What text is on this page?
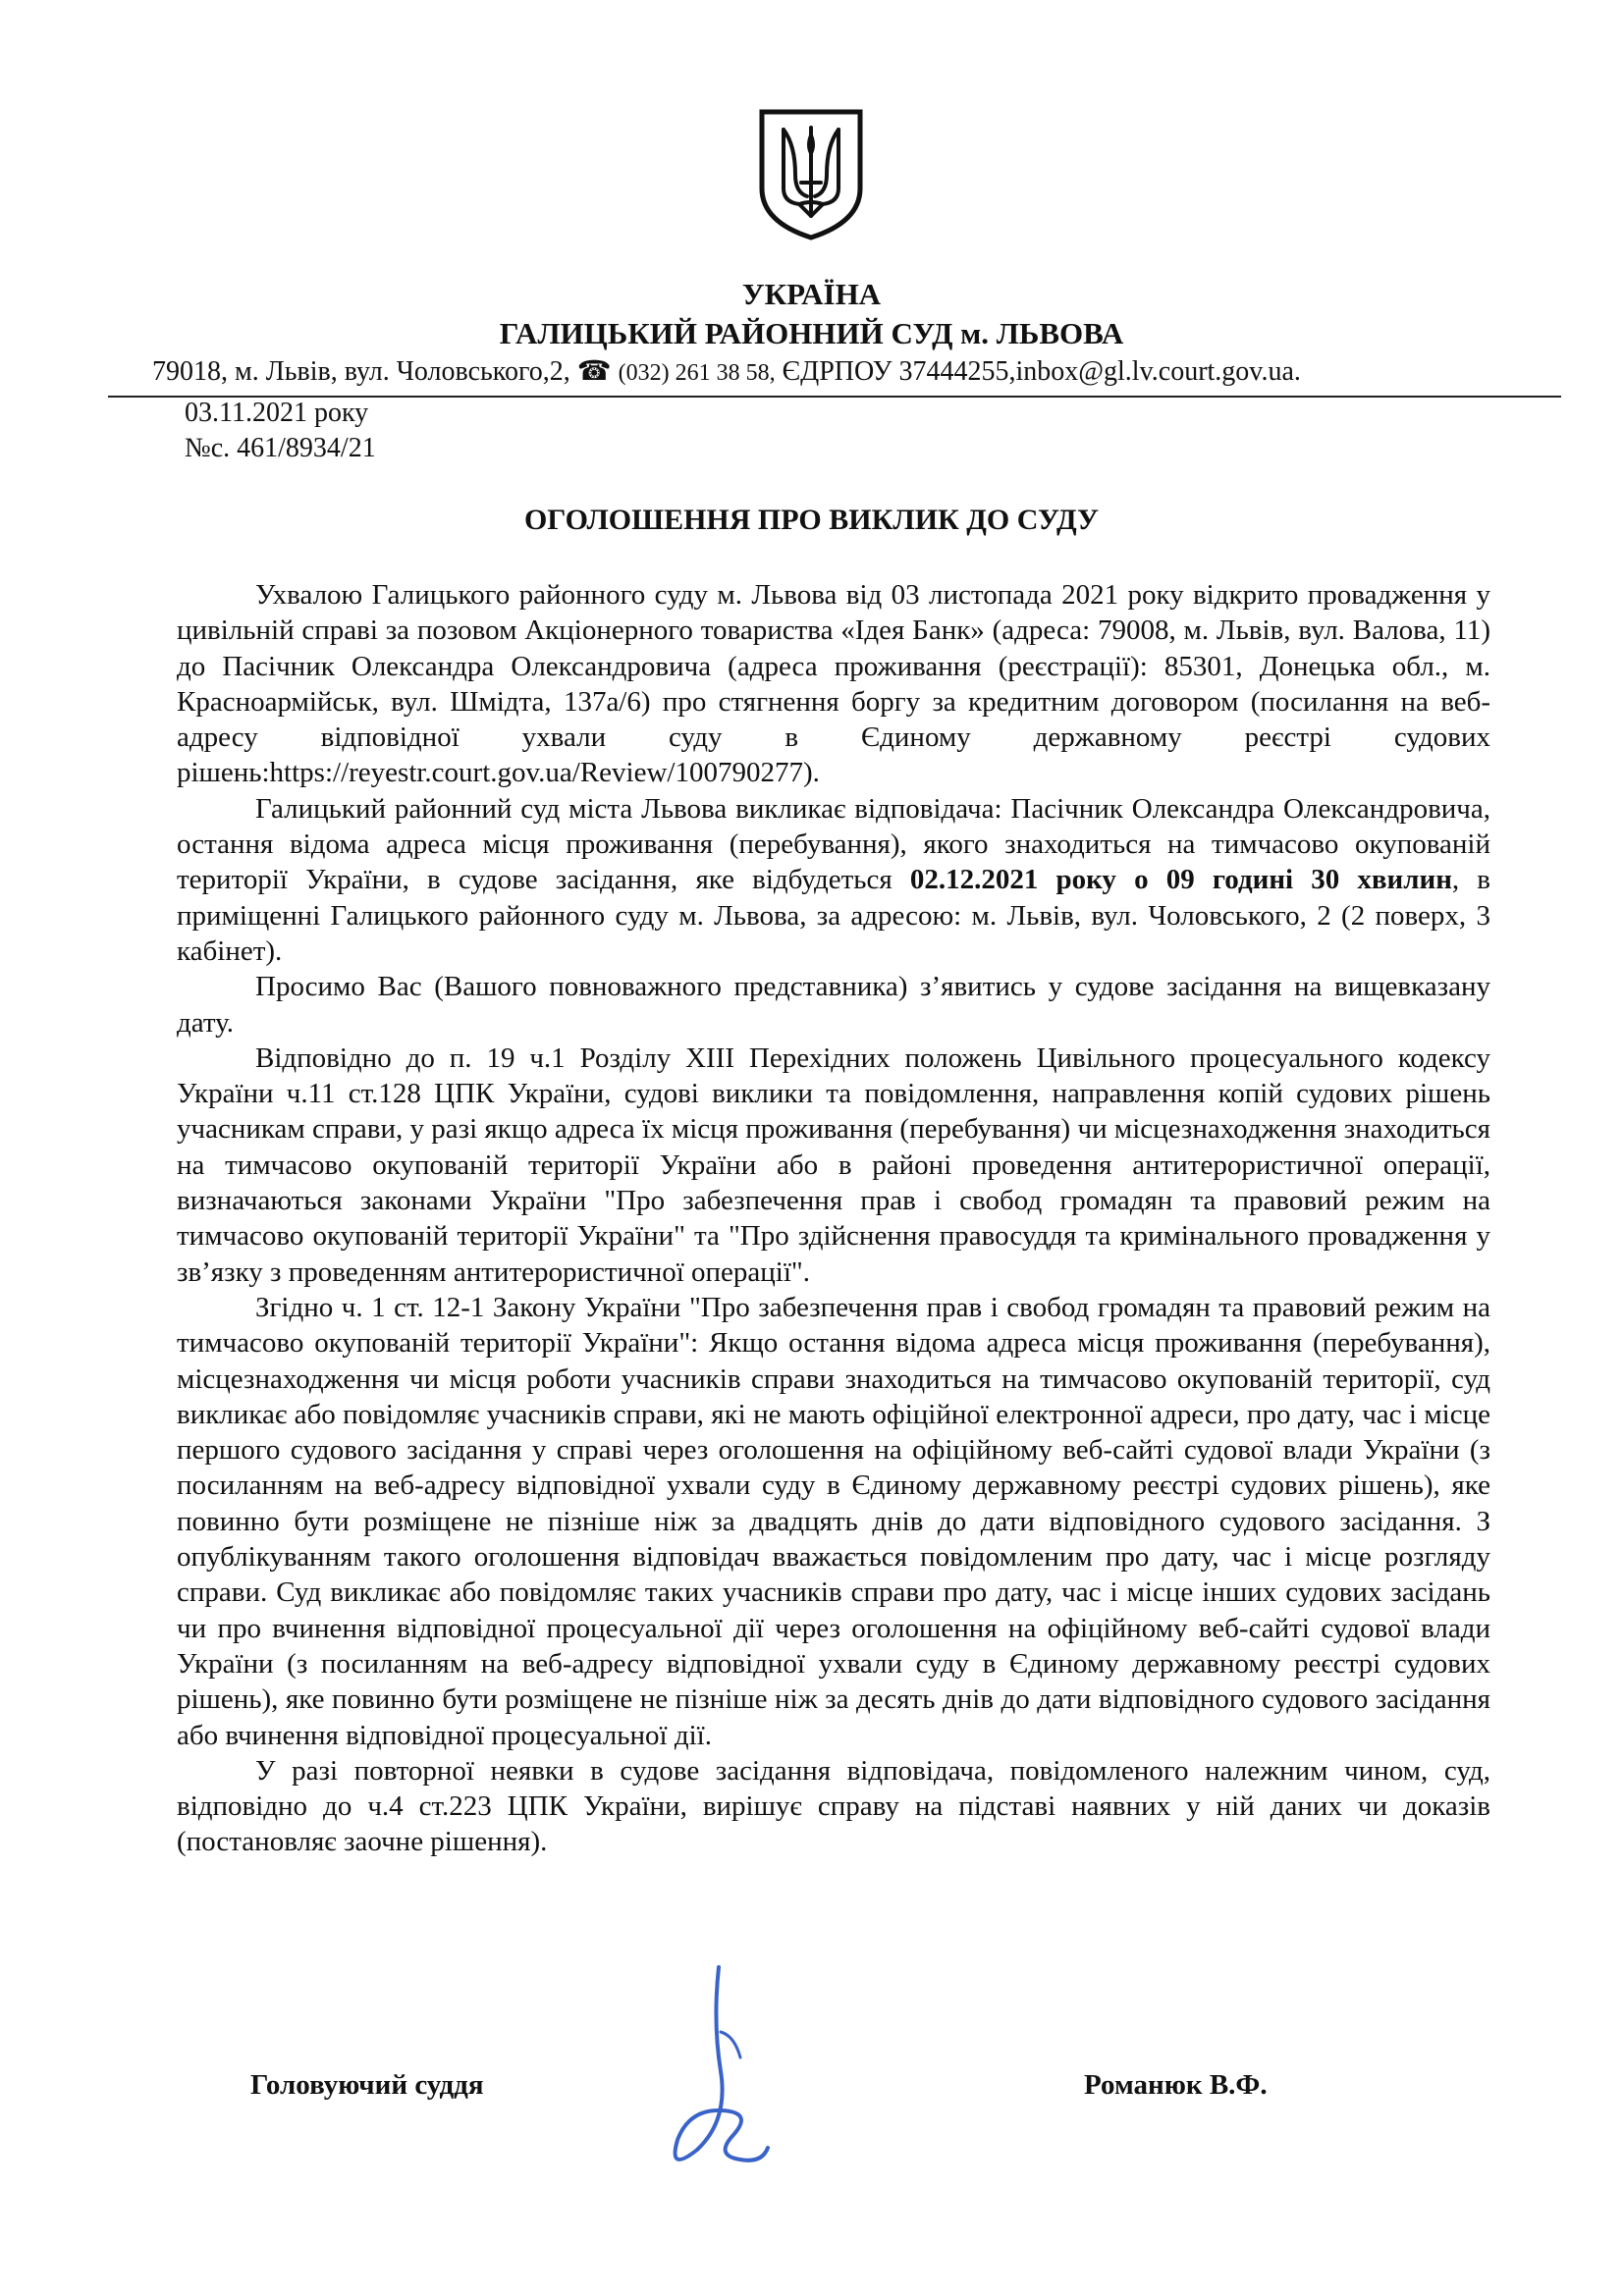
УКРАЇНА
ГАЛИЦЬКИЙ РАЙОННИЙ СУД м. ЛЬВОВА
79018, м. Львів, вул. Чоловського,2, ☎ (032) 261 38 58, ЄДРПОУ 37444255,inbox@gl.lv.court.gov.ua.
03.11.2021 року
№с. 461/8934/21
ОГОЛОШЕННЯ ПРО ВИКЛИК ДО СУДУ

Ухвалою Галицького районного суду м. Львова від 03 листопада 2021 року відкрито провадження у цивільній справі за позовом Акціонерного товариства «Ідея Банк» (адреса: 79008, м. Львів, вул. Валова, 11) до Пасічник Олександра Олександровича (адреса проживання (реєстрації): 85301, Донецька обл., м. Красноармійськ, вул. Шмідта, 137а/6) про стягнення боргу за кредитним договором (посилання на веб-адресу відповідної ухвали суду в Єдиному державному реєстрі судових рішень:https://reyestr.court.gov.ua/Review/100790277).

Галицький районний суд міста Львова викликає відповідача: Пасічник Олександра Олександровича, остання відома адреса місця проживання (перебування), якого знаходиться на тимчасово окупованій території України, в судове засідання, яке відбудеться 02.12.2021 року о 09 годині 30 хвилин, в приміщенні Галицького районного суду м. Львова, за адресою: м. Львів, вул. Чоловського, 2 (2 поверх, 3 кабінет).

Просимо Вас (Вашого повноважного представника) з’явитись у судове засідання на вищевказану дату.

Відповідно до п. 19 ч.1 Розділу XIII Перехідних положень Цивільного процесуального кодексу України ч.11 ст.128 ЦПК України, судові виклики та повідомлення, направлення копій судових рішень учасникам справи, у разі якщо адреса їх місця проживання (перебування) чи місцезнаходження знаходиться на тимчасово окупованій території України або в районі проведення антитерористичної операції, визначаються законами України "Про забезпечення прав і свобод громадян та правовий режим на тимчасово окупованій території України" та "Про здійснення правосуддя та кримінального провадження у зв’язку з проведенням антитерористичної операції".

Згідно ч. 1 ст. 12-1 Закону України "Про забезпечення прав і свобод громадян та правовий режим на тимчасово окупованій території України": Якщо остання відома адреса місця проживання (перебування), місцезнаходження чи місця роботи учасників справи знаходиться на тимчасово окупованій території, суд викликає або повідомляє учасників справи, які не мають офіційної електронної адреси, про дату, час і місце першого судового засідання у справі через оголошення на офіційному веб-сайті судової влади України (з посиланням на веб-адресу відповідної ухвали суду в Єдиному державному реєстрі судових рішень), яке повинно бути розміщене не пізніше ніж за двадцять днів до дати відповідного судового засідання. З опублікуванням такого оголошення відповідач вважається повідомленим про дату, час і місце розгляду справи. Суд викликає або повідомляє таких учасників справи про дату, час і місце інших судових засідань чи про вчинення відповідної процесуальної дії через оголошення на офіційному веб-сайті судової влади України (з посиланням на веб-адресу відповідної ухвали суду в Єдиному державному реєстрі судових рішень), яке повинно бути розміщене не пізніше ніж за десять днів до дати відповідного судового засідання або вчинення відповідної процесуальної дії.

У разі повторної неявки в судове засідання відповідача, повідомленого належним чином, суд, відповідно до ч.4 ст.223 ЦПК України, вирішує справу на підставі наявних у ній даних чи доказів (постановляє заочне рішення).

Головуючий суддя	Романюк В.Ф.
